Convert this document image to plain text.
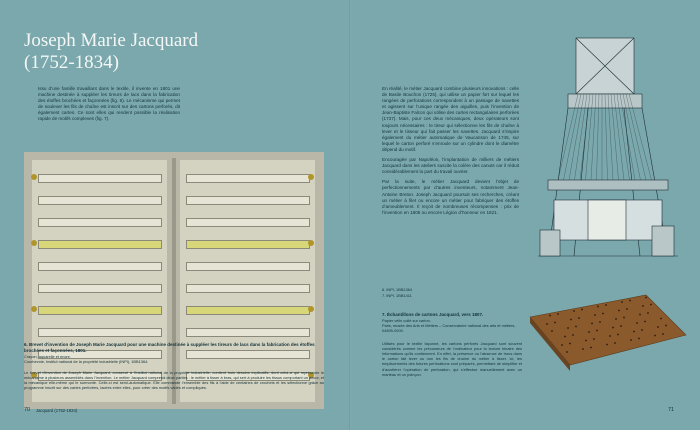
Joseph Marie Jacquard
(1752-1834)

Issu d’une famille travaillant dans le textile, il invente en 1801 une machine destinée à suppléer les tireurs de lacs dans la fabrication des étoffes brochées et façonnées (fig. 6). Le mécanisme qui permet de soulever les fils de chaîne est inscrit sur des cartons perforés, dit également cartes. Ce sont elles qui rendent possible la réalisation rapide de motifs complexes (fig. 7).

6. Brevet d’invention de Joseph Marie Jacquard pour une machine destinée à suppléer les tireurs de lacs dans la fabrication des étoffes brochées et façonnées, 1801.
Crayon, aquarelle et encre.
Courbevoie, Institut national de la propriété industrielle (INPI), 1BB1364.
Le brevet d’invention de Joseph Marie Jacquard, conservé à l’Institut national de la propriété industrielle, contient trois dessins explicatifs, dont celui-ci qui représente le mécanisme à plusieurs assemblés dans l’invention. Le métier Jacquard comprend deux parties : le métier à tisser à bras, qui sert à produire les tissus comportant un décor, et la mécanique elle-même qui le surmonte. Celle-ci est semi-automatique. Elle commande l’ensemble des fils à l’aide de centaines de crochets et les sélectionne grâce au programme inscrit sur des cartes perforées, lacées entre elles, pour créer des motifs variés et compliqués.
70 Jacquard (1752-1834)

En réalité, le métier Jacquard combine plusieurs innovations : celle de Basile Bouchon (1725), qui utilise un papier fort sur lequel les rangées de perforations correspondent à un passage de navettes et agissent sur l’unique rangée des aiguilles, puis l’invention de Jean-Baptiste Falcon qui utilise des cartes rectangulaires perforées (1737). Mais, pour ces deux mécaniques, deux opérateurs sont toujours nécessaires : le tireur qui sélectionne les fils de chaîne à lever et le tisseur qui fait passer les navettes. Jacquard s’inspire également du métier automatique de Vaucanson de 1745, sur lequel le carton perforé s’enroule sur un cylindre dont le diamètre dépend du motif.

Encouragée par Napoléon, l’implantation de milliers de métiers Jacquard dans les ateliers suscite la colère des canuts car il réduit considérablement la part du travail ouvrier.

Par la suite, le métier Jacquard devient l’objet de perfectionnements par d’autres inventeurs, notamment Jean-Antoine Breton. Joseph Jacquard poursuit ses recherches, créant un métier à filet ou encore un métier pour fabriquer des étoffes d’ameublement. Il reçoit de nombreuses récompenses : prix de l’invention en 1805 ou encore Légion d’honneur en 1821.

6. INPI, 1BB1364
7. INPI, 1BB1411
7. Échantillons de cartons Jacquard, vers 1807.
Papier vélin collé sur carton.
Paris, musée des Arts et Métiers – Conservatoire national des arts et métiers, 04895-0000.
Utilisés pour le textile façonné, les cartons perforés Jacquard sont souvent considérés comme les précurseurs de l’ordinateur pour la lecture binaire des informations qu’ils contiennent. En effet, la présence ou l’absence de trous dans le carton fait lever ou non les fils de chaîne du métier à tisser. Ici, les emplacements des futures perforations sont préparés, permettant de simplifier et d’accélérer l’opération de perforation, qui s’effectue manuellement avec un marteau et un poinçon.
71
